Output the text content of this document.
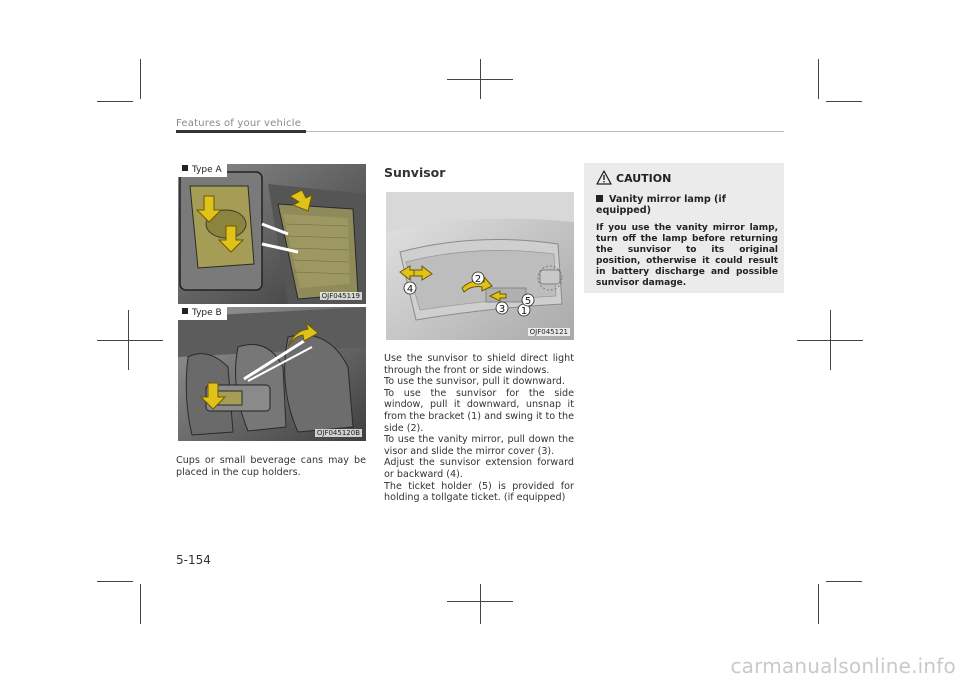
Features of your vehicle
Type A
OJF045119
Type B
OJF045120B
Cups or small beverage cans may be placed in the cup holders.
Sunvisor
1
2
3
4
5
OJF045121

Use the sunvisor to shield direct light through the front or side windows.

To use the sunvisor, pull it downward.

To use the sunvisor for the side window, pull it downward, unsnap it from the bracket (1) and swing it to the side (2).

To use the vanity mirror, pull down the visor and slide the mirror cover (3).

Adjust the sunvisor extension forward or backward (4).

The ticket holder (5) is provided for holding a tollgate ticket. (if equipped)

CAUTION
Vanity mirror lamp (if equipped)
If you use the vanity mirror lamp, turn off the lamp before returning the sunvisor to its original position, otherwise it could result in battery discharge and possible sunvisor damage.
5-154
carmanualsonline.info
